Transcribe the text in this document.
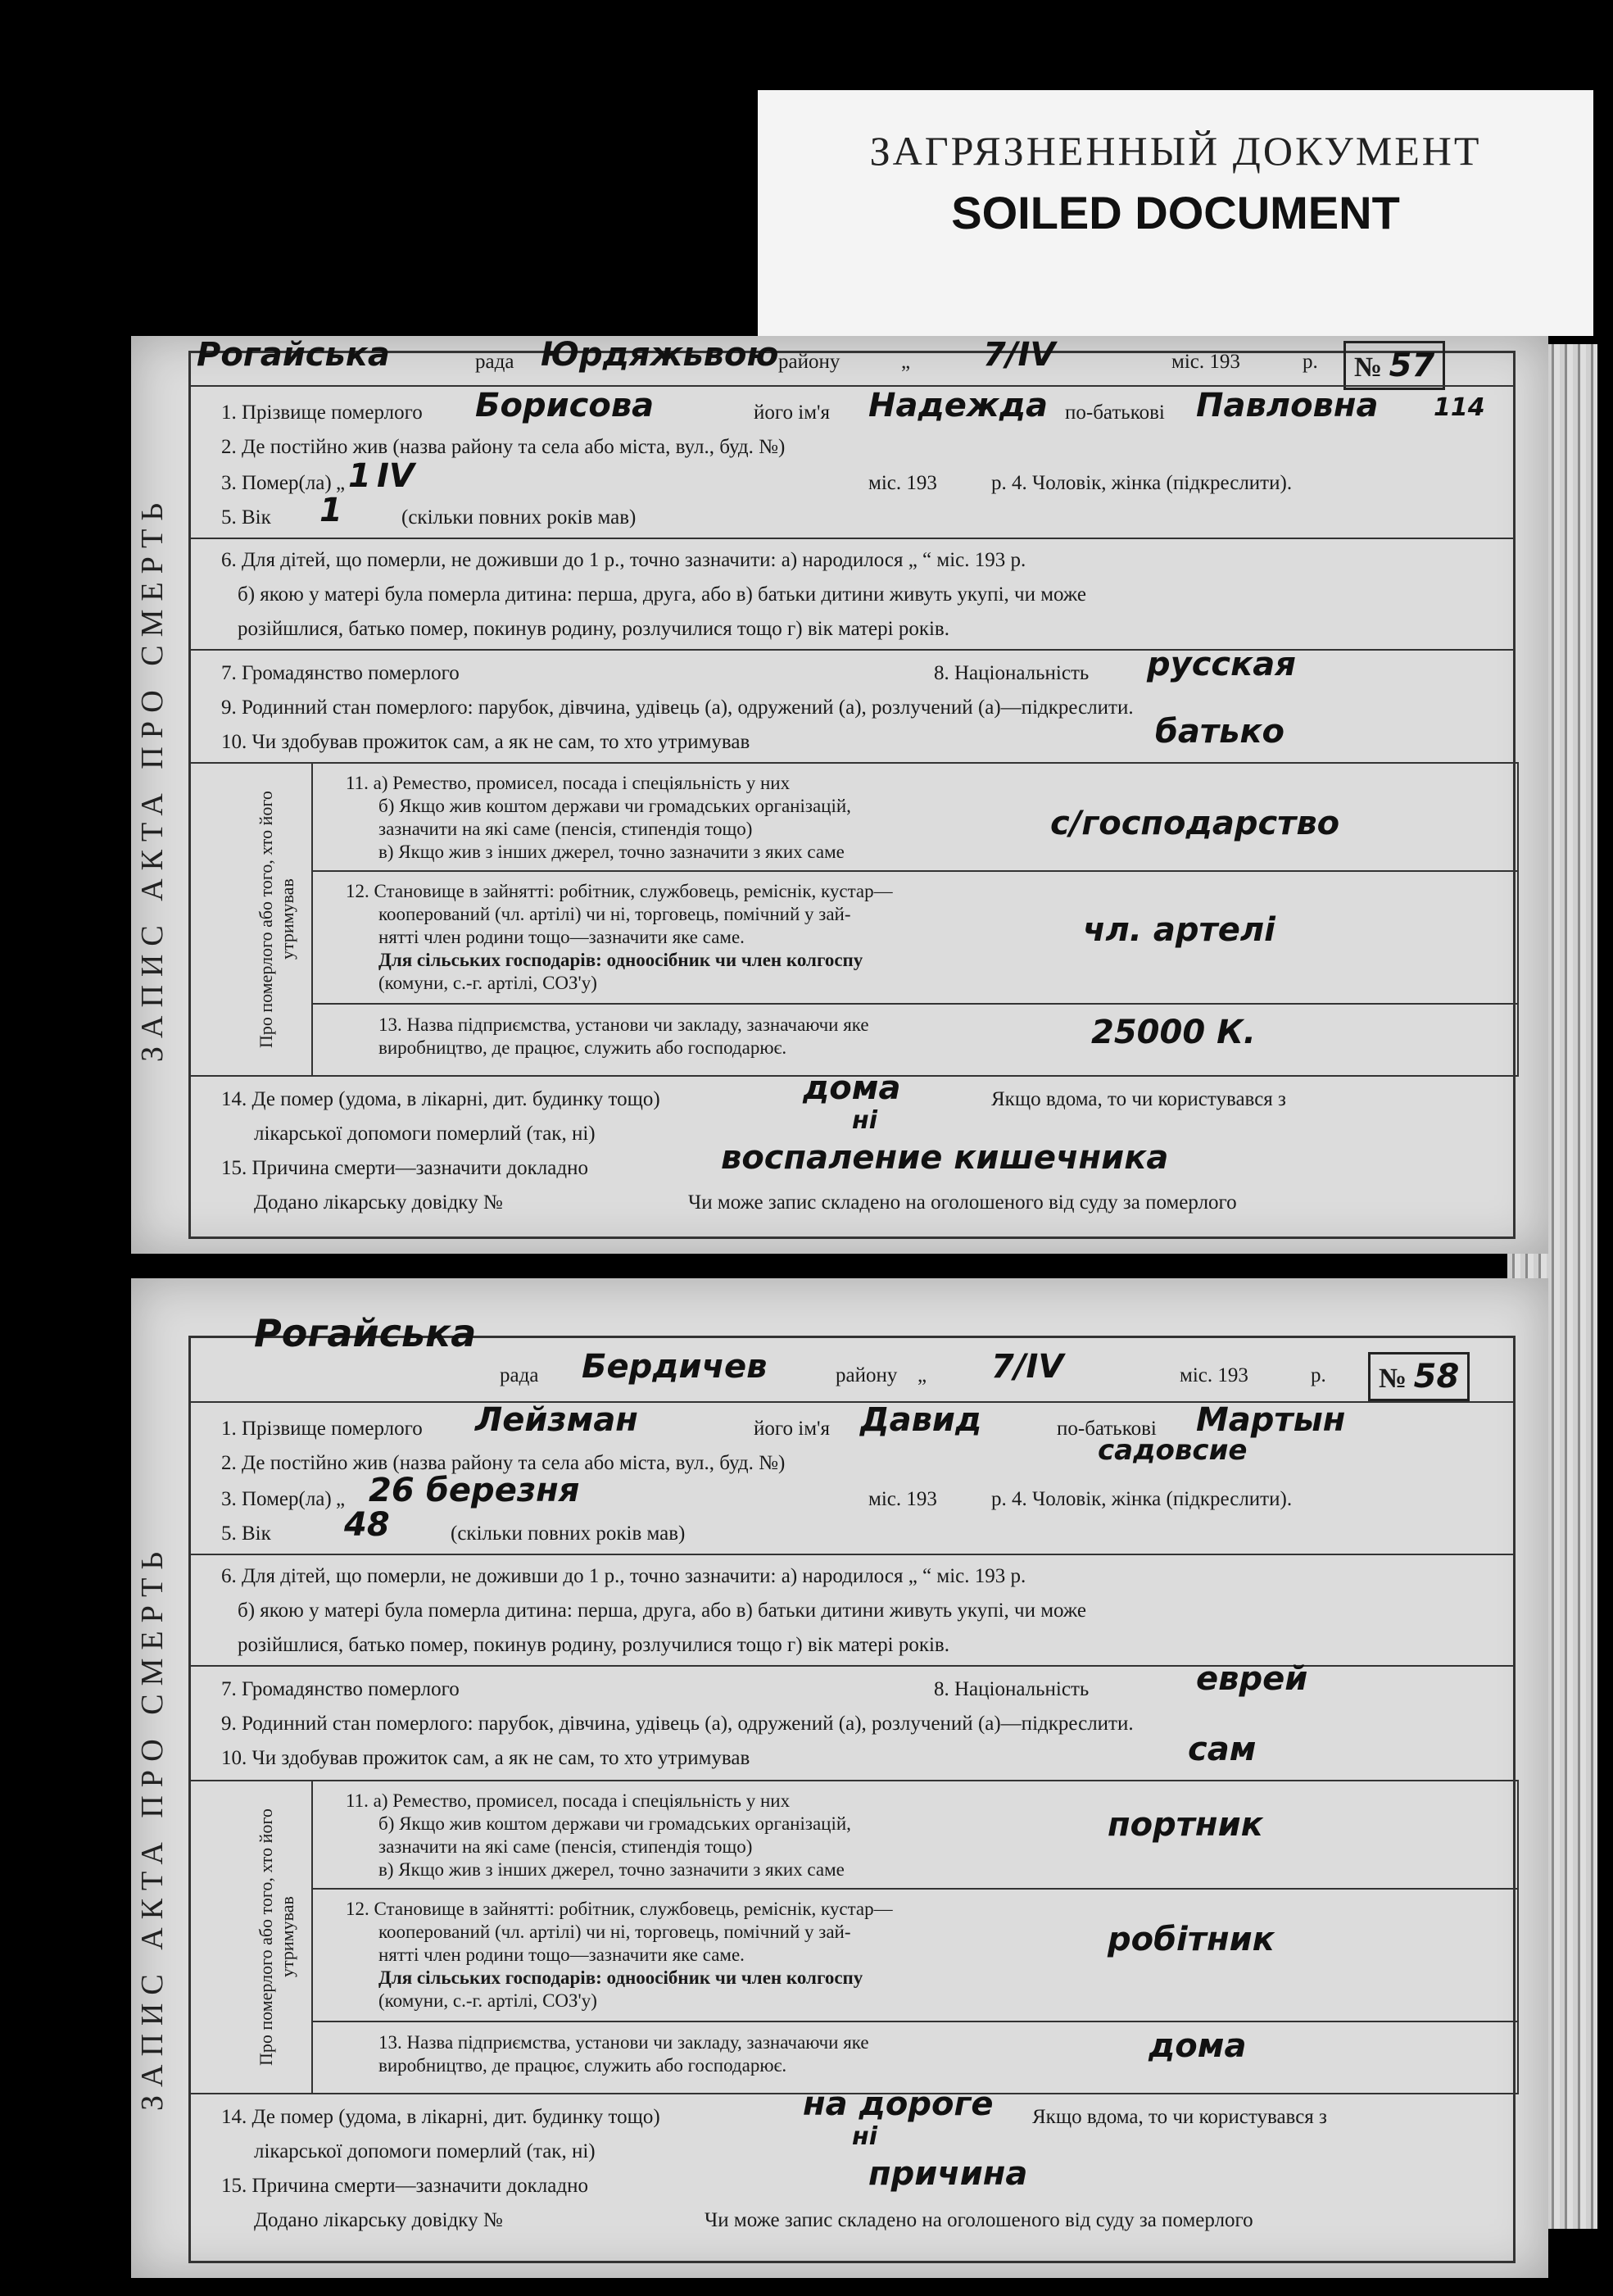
ЗАГРЯЗНЕННЫЙ ДОКУМЕНТ
SOILED DOCUMENT
ЗАПИС АКТА ПРО СМЕРТЬ
Рогайська	рада Юрдяжьвою району	„	7/IV	міс. 193	р.	№ 57
114
1. Прізвище померлого	Борисова	його ім'я	Надежда по-батькові Павловна
2. Де постійно жив (назва району та села або міста, вул., буд. №)
3. Помер(ла) „ 1 IV	міс. 193	р. 4. Чоловік, жінка (підкреслити).
5. Вік	1	(скільки повних років мав)
6. Для дітей, що померли, не доживши до 1 р., точно зазначити: а) народилося „ “ міс. 193 р.
б) якою у матері була померла дитина: перша, друга, або в) батьки дитини живуть укупі, чи може
розійшлися, батько помер, покинув родину, розлучилися тощо г) вік матері років.
7. Громадянство померлого	8. Національність	русская
9. Родинний стан померлого: парубок, дівчина, удівець (а), одружений (а), розлучений (а)—підкреслити.
10. Чи здобував прожиток сам, а як не сам, то хто утримував	батько
Про померлого або того, хто його утримував
11. а) Ремество, промисел, посада і спеціяльність у них
б) Якщо жив коштом держави чи громадських організацій,
зазначити на які саме (пенсія, стипендія тощо)
в) Якщо жив з інших джерел, точно зазначити з яких саме
с/господарство
12. Становище в зайнятті: робітник, службовець, реміснік, кустар—
кооперований (чл. артілі) чи ні, торговець, помічний у зай-
нятті член родини тощо—зазначити яке саме.
Для сільських господарів: одноосібник чи член колгоспу
(комуни, с.-г. артілі, СОЗ'у)
чл. артелі
13. Назва підприємства, установи чи закладу, зазначаючи яке
виробництво, де працює, служить або господарює.	25000 К.
14. Де помер (удома, в лікарні, дит. будинку тощо)	дома	Якщо вдома, то чи користувався з
лікарської допомоги померлий (так, ні)	ні
15. Причина смерти—зазначити докладно	воспаление кишечника
Додано лікарську довідку №	Чи може запис складено на оголошеного від суду за померлого
ЗАПИС АКТА ПРО СМЕРТЬ
Рогайська
рада	Бердичев	району „	7/IV	міс. 193	р.	№ 58
1. Прізвище померлого	Лейзман	його ім'я Давид	по-батькові	Мартын
2. Де постійно жив (назва району та села або міста, вул., буд. №)	садовсие
3. Помер(ла) „ 26 березня	міс. 193	р. 4. Чоловік, жінка (підкреслити).
5. Вік	48	(скільки повних років мав)
6. Для дітей, що померли, не доживши до 1 р., точно зазначити: а) народилося „ “ міс. 193 р.
б) якою у матері була померла дитина: перша, друга, або в) батьки дитини живуть укупі, чи може
розійшлися, батько помер, покинув родину, розлучилися тощо г) вік матері років.
7. Громадянство померлого	8. Національність	еврей
9. Родинний стан померлого: парубок, дівчина, удівець (а), одружений (а), розлучений (а)—підкреслити.
10. Чи здобував прожиток сам, а як не сам, то хто утримував	сам
Про померлого або того, хто його утримував
11. а) Ремество, промисел, посада і спеціяльність у них
б) Якщо жив коштом держави чи громадських організацій,
зазначити на які саме (пенсія, стипендія тощо)
в) Якщо жив з інших джерел, точно зазначити з яких саме
портник
12. Становище в зайнятті: робітник, службовець, реміснік, кустар—
кооперований (чл. артілі) чи ні, торговець, помічний у зай-
нятті член родини тощо—зазначити яке саме.
Для сільських господарів: одноосібник чи член колгоспу
(комуни, с.-г. артілі, СОЗ'у)
робітник
13. Назва підприємства, установи чи закладу, зазначаючи яке
виробництво, де працює, служить або господарює.
дома
14. Де помер (удома, в лікарні, дит. будинку тощо)	на дороге Якщо вдома, то чи користувався з
лікарської допомоги померлий (так, ні)
ні
15. Причина смерти—зазначити докладно	причина
Додано лікарську довідку №	Чи може запис складено на оголошеного від суду за померлого
